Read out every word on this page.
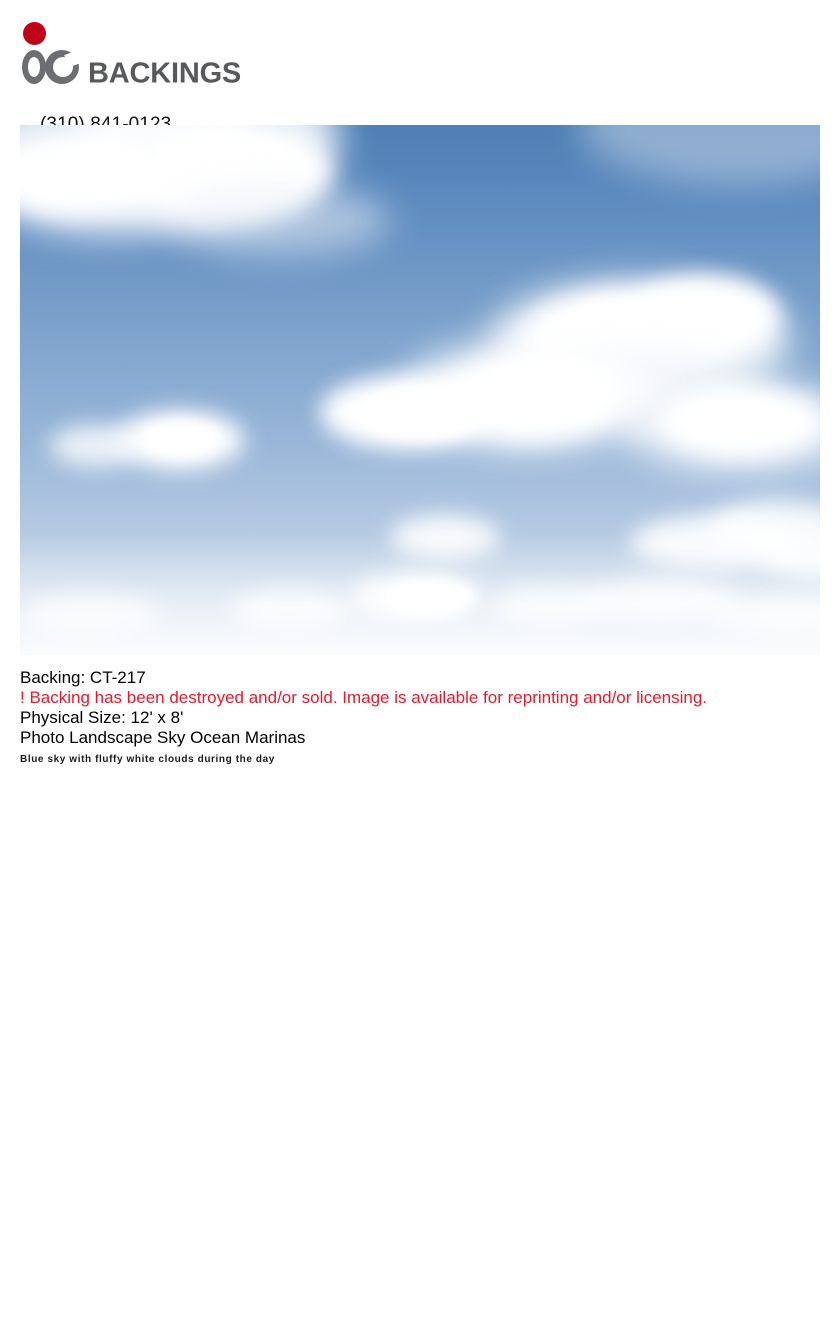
BACKINGS
Backing: CT-217
! Backing has been destroyed and/or sold. Image is available for reprinting and/or licensing.
Physical Size: 12' x 8'
Photo Landscape Sky Ocean Marinas
Blue sky with fluffy white clouds during the day
